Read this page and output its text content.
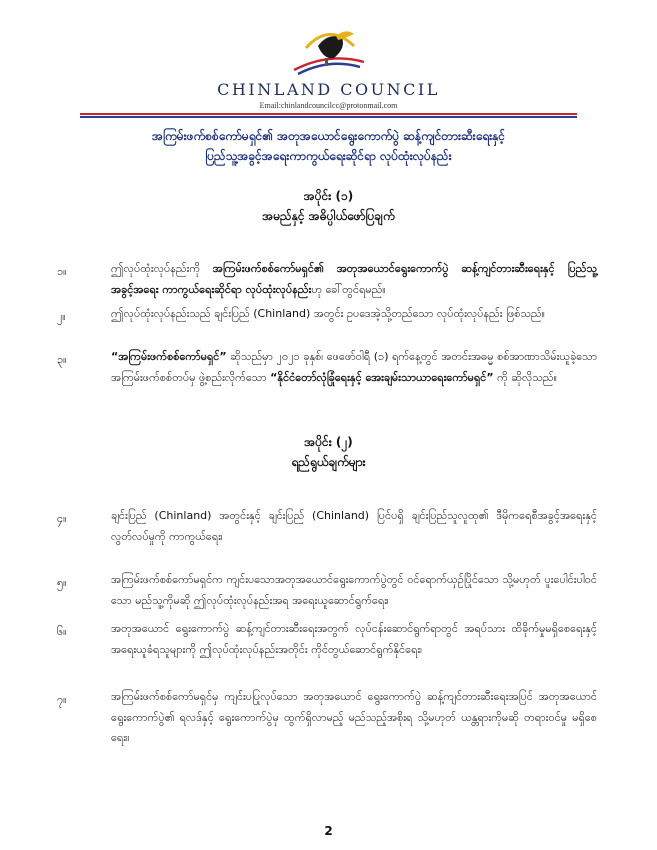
CHINLAND COUNCIL
Email:chinlandcouncilcc@protonmail.com
အကြမ်းဖက်စစ်ကော်မရှင်၏ အတုအယောင်ရွေးကောက်ပွဲ ဆန့်ကျင်တားဆီးရေးနှင့်
ပြည်သူ့အခွင့်အရေးကာကွယ်ရေးဆိုင်ရာ လုပ်ထုံးလုပ်နည်း
အပိုင်း (၁)
အမည်နှင့် အဓိပ္ပါယ်ဖော်ပြချက်
၁။	ဤလုပ်ထုံးလုပ်နည်းကို အကြမ်းဖက်စစ်ကော်မရှင်၏ အတုအယောင်ရွေးကောက်ပွဲ ဆန့်ကျင်တားဆီးရေးနှင့် ပြည်သူ့အခွင့်အရေး ကာကွယ်ရေးဆိုင်ရာ လုပ်ထုံးလုပ်နည်းဟု ခေါ်တွင်ရမည်။
၂။	ဤလုပ်ထုံးလုပ်နည်းသည် ချင်းပြည် (Chinland) အတွင်း ဥပဒေအဲ့သို့တည်သော လုပ်ထုံးလုပ်နည်း ဖြစ်သည်။
၃။	“အကြမ်းဖက်စစ်ကော်မရှင်” ဆိုသည်မှာ ၂၀၂၁ ခုနှစ်၊ ဖေဖော်ဝါရီ (၁) ရက်နေ့တွင် အတင်းအဓမ္မ စစ်အာဏာသိမ်းယူခဲ့သော အကြမ်းဖက်စစ်တပ်မှ ဖွဲ့စည်းလိုက်သော “နိုင်ငံတော်လုံခြုံရေးနှင့် အေးချမ်းသာယာရေးကော်မရှင်” ကို ဆိုလိုသည်။
အပိုင်း (၂)
ရည်ရွယ်ချက်များ
၄။	ချင်းပြည် (Chinland) အတွင်းနှင့် ချင်းပြည် (Chinland) ပြင်ပရှိ ချင်းပြည်သူလူထု၏ ဒီမိုကရေစီအခွင့်အရေးနှင့် လွတ်လပ်မှုကို ကာကွယ်ရေး၊
၅။	အကြမ်းဖက်စစ်ကော်မရှင်က ကျင်းပသောအတုအယောင်ရွေးကောက်ပွဲတွင် ဝင်ရောက်ယှဉ်ပြိုင်သော သို့မဟုတ် ပူးပေါင်းပါဝင်သော မည်သူ့ကိုမဆို ဤလုပ်ထုံးလုပ်နည်းအရ အရေးယူဆောင်ရွက်ရေး၊
၆။	အတုအယောင် ရွေးကောက်ပွဲ ဆန့်ကျင်တားဆီးရေးအတွက် လုပ်ငန်းဆောင်ရွက်ရာတွင် အရပ်သား ထိခိုက်မှုမရှိစေရေးနှင့် အရေးယူခံရသူများကို ဤလုပ်ထုံးလုပ်နည်းအတိုင်း ကိုင်တွယ်ဆောင်ရွက်နိုင်ရေး၊
၇။	အကြမ်းဖက်စစ်ကော်မရှင်မှ ကျင်းပပြုလုပ်သော အတုအယောင် ရွေးကောက်ပွဲ ဆန့်ကျင်တားဆီးရေးအပြင် အတုအယောင် ရွေးကောက်ပွဲ၏ ရလဒ်နှင့် ရွေးကောက်ပွဲမှ ထွက်ရှိလာမည့် မည်သည့်အစိုးရ သို့မဟုတ် ယန္တရားကိုမဆို တရားဝင်မှု မရှိစေရေး။
2
